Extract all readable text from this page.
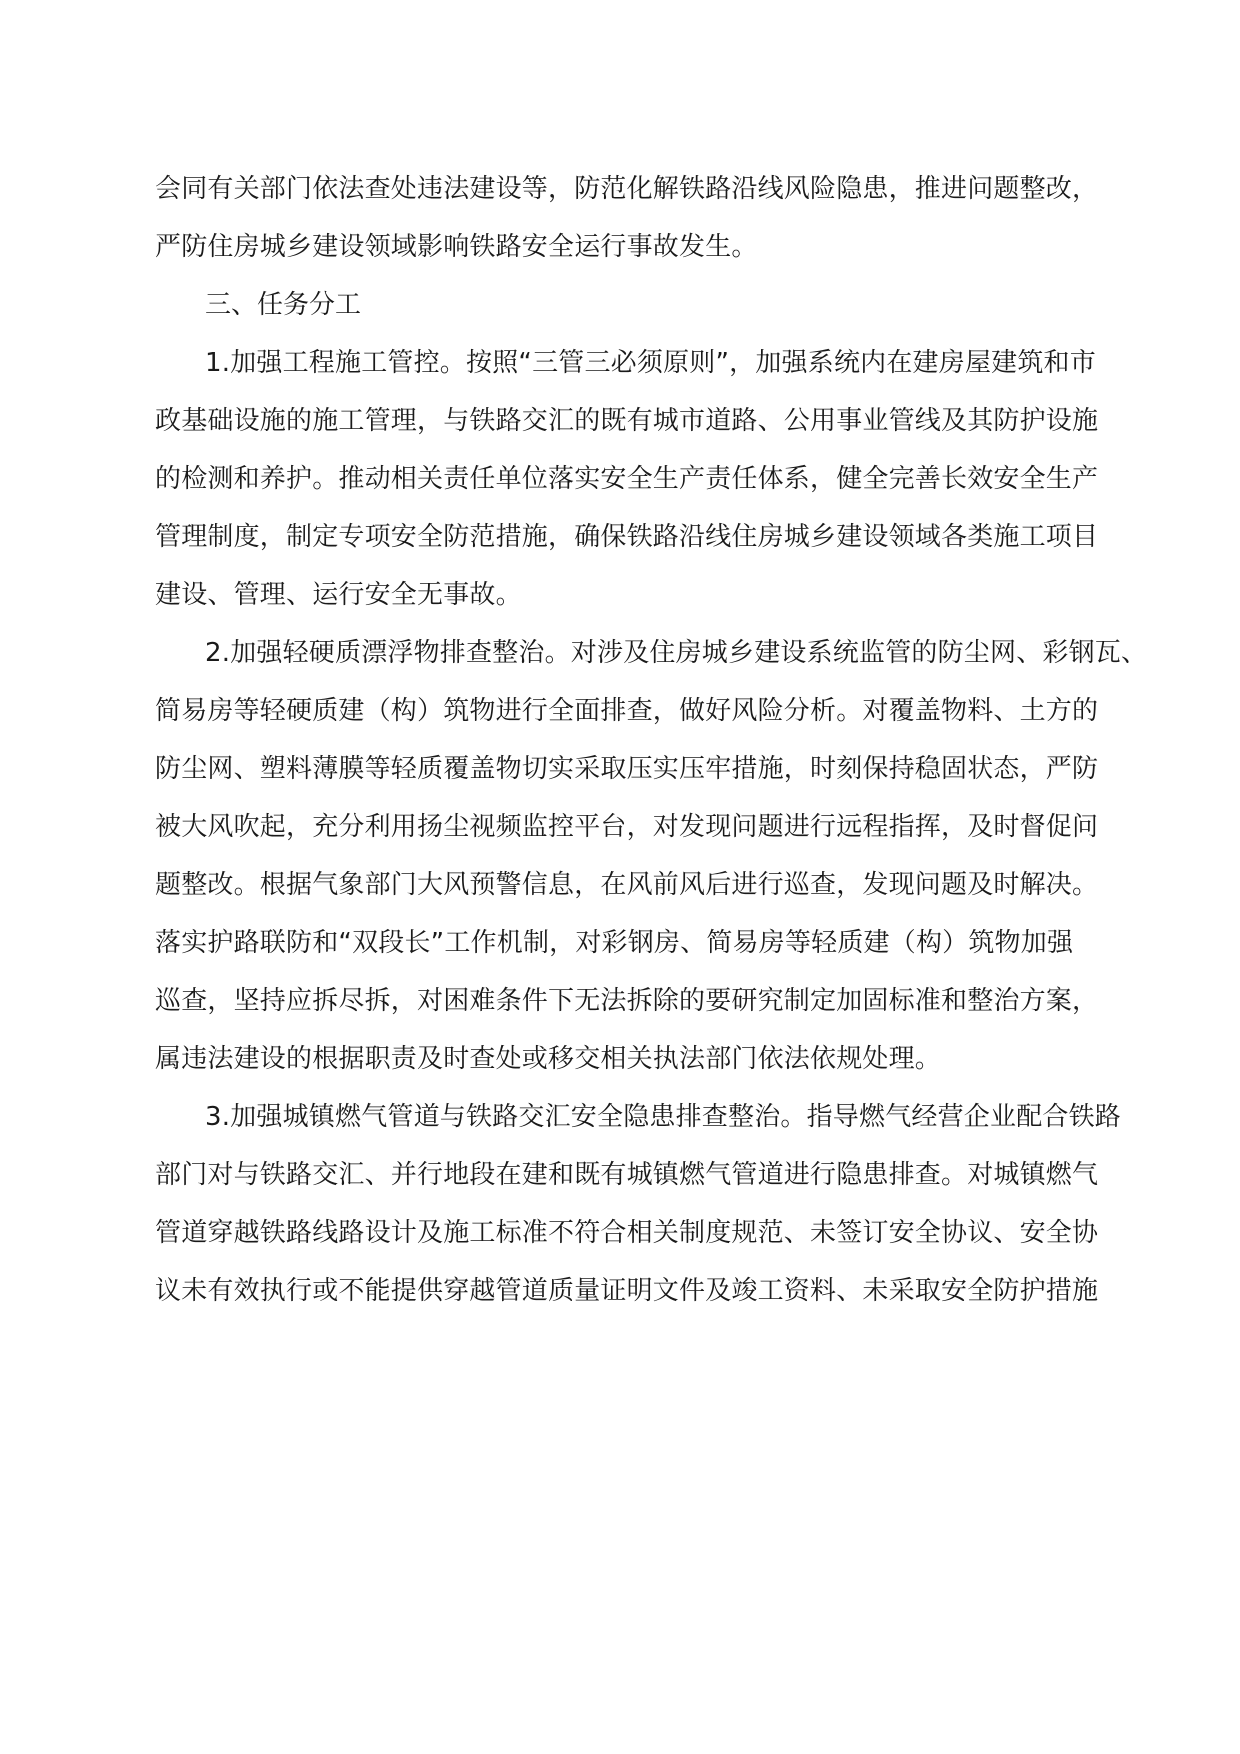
会同有关部门依法查处违法建设等，防范化解铁路沿线风险隐患，推进问题整改，
严防住房城乡建设领域影响铁路安全运行事故发生。
三、任务分工
1.加强工程施工管控。按照“三管三必须原则”，加强系统内在建房屋建筑和市
政基础设施的施工管理，与铁路交汇的既有城市道路、公用事业管线及其防护设施
的检测和养护。推动相关责任单位落实安全生产责任体系，健全完善长效安全生产
管理制度，制定专项安全防范措施，确保铁路沿线住房城乡建设领域各类施工项目
建设、管理、运行安全无事故。
2.加强轻硬质漂浮物排查整治。对涉及住房城乡建设系统监管的防尘网、彩钢瓦、
简易房等轻硬质建（构）筑物进行全面排查，做好风险分析。对覆盖物料、土方的
防尘网、塑料薄膜等轻质覆盖物切实采取压实压牢措施，时刻保持稳固状态，严防
被大风吹起，充分利用扬尘视频监控平台，对发现问题进行远程指挥，及时督促问
题整改。根据气象部门大风预警信息，在风前风后进行巡查，发现问题及时解决。
落实护路联防和“双段长”工作机制，对彩钢房、简易房等轻质建（构）筑物加强
巡查，坚持应拆尽拆，对困难条件下无法拆除的要研究制定加固标准和整治方案，
属违法建设的根据职责及时查处或移交相关执法部门依法依规处理。
3.加强城镇燃气管道与铁路交汇安全隐患排查整治。指导燃气经营企业配合铁路
部门对与铁路交汇、并行地段在建和既有城镇燃气管道进行隐患排查。对城镇燃气
管道穿越铁路线路设计及施工标准不符合相关制度规范、未签订安全协议、安全协
议未有效执行或不能提供穿越管道质量证明文件及竣工资料、未采取安全防护措施
